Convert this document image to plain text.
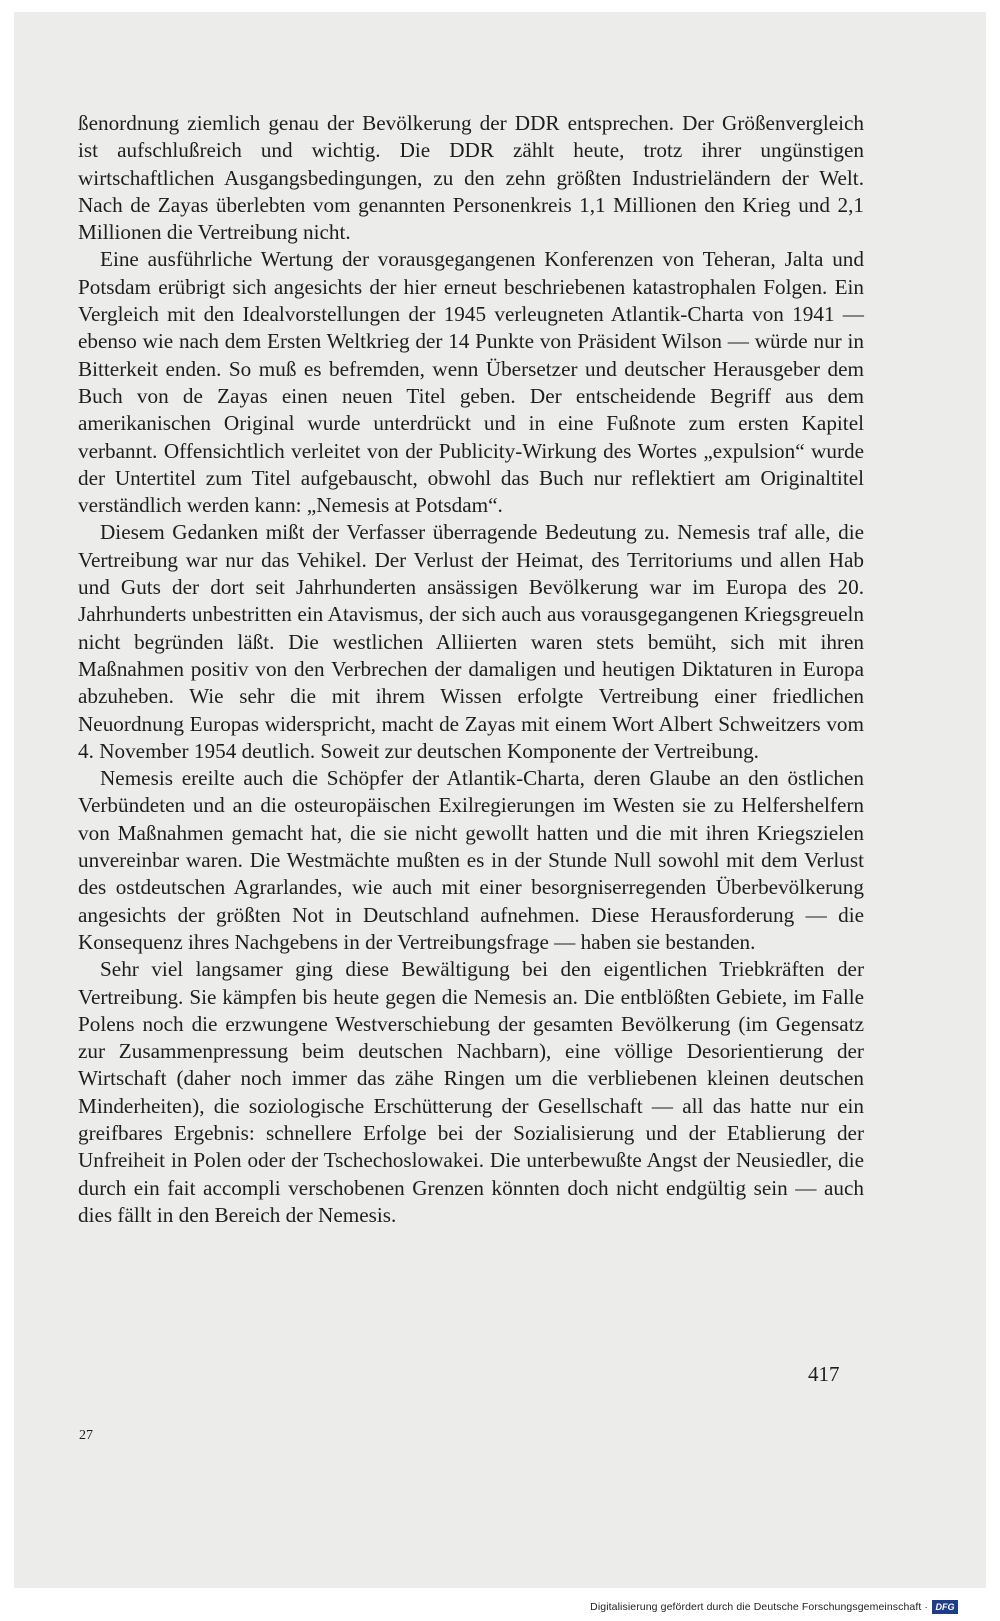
ßenordnung ziemlich genau der Bevölkerung der DDR entsprechen. Der Größenvergleich ist aufschlußreich und wichtig. Die DDR zählt heute, trotz ihrer ungünstigen wirtschaftlichen Ausgangsbedingungen, zu den zehn größten Industrieländern der Welt. Nach de Zayas überlebten vom genannten Personenkreis 1,1 Millionen den Krieg und 2,1 Millionen die Vertreibung nicht.

Eine ausführliche Wertung der vorausgegangenen Konferenzen von Teheran, Jalta und Potsdam erübrigt sich angesichts der hier erneut beschriebenen katastrophalen Folgen. Ein Vergleich mit den Idealvorstellungen der 1945 verleugneten Atlantik-Charta von 1941 — ebenso wie nach dem Ersten Weltkrieg der 14 Punkte von Präsident Wilson — würde nur in Bitterkeit enden. So muß es befremden, wenn Übersetzer und deutscher Herausgeber dem Buch von de Zayas einen neuen Titel geben. Der entscheidende Begriff aus dem amerikanischen Original wurde unterdrückt und in eine Fußnote zum ersten Kapitel verbannt. Offensichtlich verleitet von der Publicity-Wirkung des Wortes „expulsion“ wurde der Untertitel zum Titel aufgebauscht, obwohl das Buch nur reflektiert am Originaltitel verständlich werden kann: „Nemesis at Potsdam“.

Diesem Gedanken mißt der Verfasser überragende Bedeutung zu. Nemesis traf alle, die Vertreibung war nur das Vehikel. Der Verlust der Heimat, des Territoriums und allen Hab und Guts der dort seit Jahrhunderten ansässigen Bevölkerung war im Europa des 20. Jahrhunderts unbestritten ein Atavismus, der sich auch aus vorausgegangenen Kriegsgreueln nicht begründen läßt. Die westlichen Alliierten waren stets bemüht, sich mit ihren Maßnahmen positiv von den Verbrechen der damaligen und heutigen Diktaturen in Europa abzuheben. Wie sehr die mit ihrem Wissen erfolgte Vertreibung einer friedlichen Neuordnung Europas widerspricht, macht de Zayas mit einem Wort Albert Schweitzers vom 4. November 1954 deutlich. Soweit zur deutschen Komponente der Vertreibung.

Nemesis ereilte auch die Schöpfer der Atlantik-Charta, deren Glaube an den östlichen Verbündeten und an die osteuropäischen Exilregierungen im Westen sie zu Helfershelfern von Maßnahmen gemacht hat, die sie nicht gewollt hatten und die mit ihren Kriegszielen unvereinbar waren. Die Westmächte mußten es in der Stunde Null sowohl mit dem Verlust des ostdeutschen Agrarlandes, wie auch mit einer besorgniserregenden Überbevölkerung angesichts der größten Not in Deutschland aufnehmen. Diese Herausforderung — die Konsequenz ihres Nachgebens in der Vertreibungsfrage — haben sie bestanden.

Sehr viel langsamer ging diese Bewältigung bei den eigentlichen Triebkräften der Vertreibung. Sie kämpfen bis heute gegen die Nemesis an. Die entblößten Gebiete, im Falle Polens noch die erzwungene Westverschiebung der gesamten Bevölkerung (im Gegensatz zur Zusammenpressung beim deutschen Nachbarn), eine völlige Desorientierung der Wirtschaft (daher noch immer das zähe Ringen um die verbliebenen kleinen deutschen Minderheiten), die soziologische Erschütterung der Gesellschaft — all das hatte nur ein greifbares Ergebnis: schnellere Erfolge bei der Sozialisierung und der Etablierung der Unfreiheit in Polen oder der Tschechoslowakei. Die unterbewußte Angst der Neusiedler, die durch ein fait accompli verschobenen Grenzen könnten doch nicht endgültig sein — auch dies fällt in den Bereich der Nemesis.

417
27
Digitalisierung gefördert durch die Deutsche Forschungsgemeinschaft · DFG
